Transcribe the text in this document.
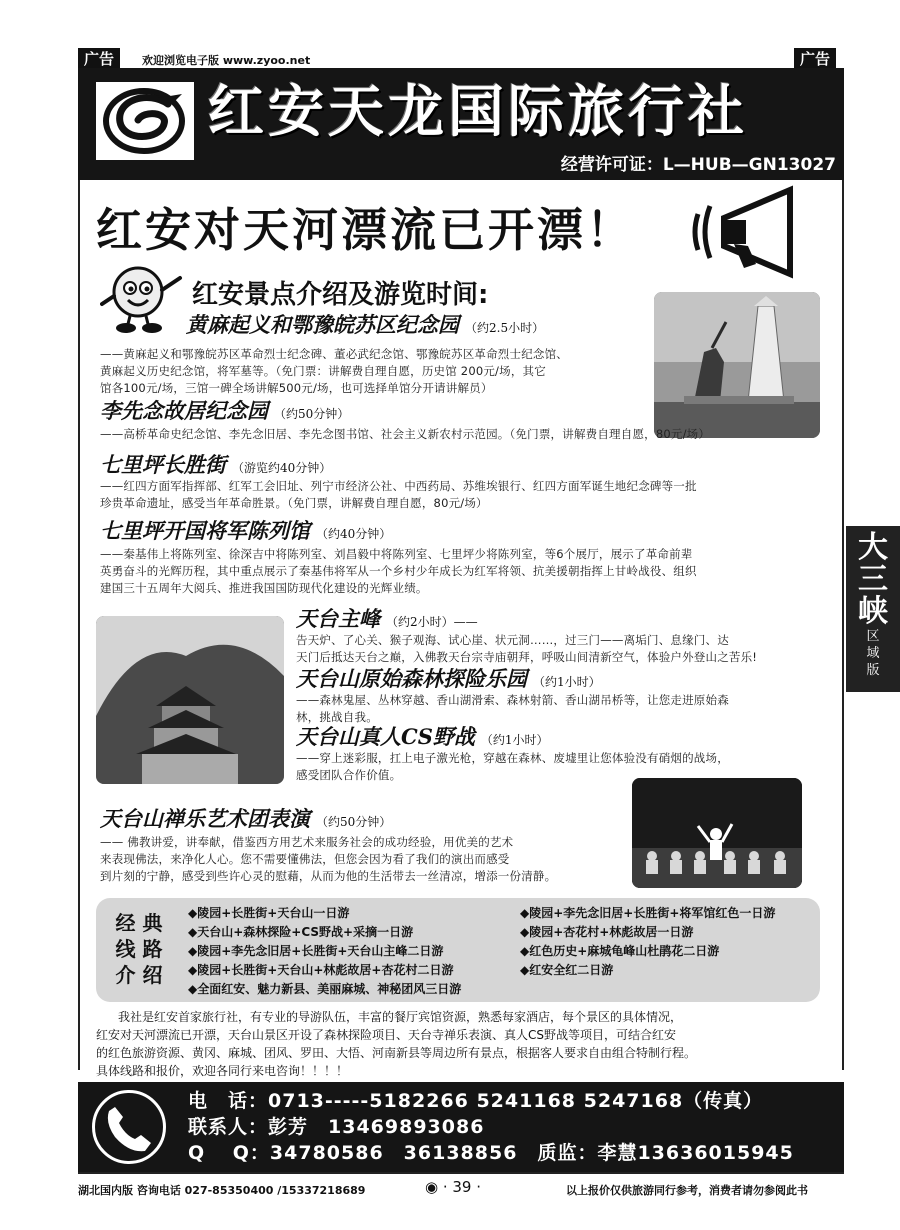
广告	欢迎浏览电子版 www.zyoo.net	广告
红安天龙国际旅行社
经营许可证：L—HUB—GN13027
红安对天河漂流已开漂！
红安景点介绍及游览时间:
黄麻起义和鄂豫皖苏区纪念园 （约2.5小时）
——黄麻起义和鄂豫皖苏区革命烈士纪念碑、董必武纪念馆、鄂豫皖苏区革命烈士纪念馆、
黄麻起义历史纪念馆，将军墓等。（免门票：讲解费自理自愿，历史馆 200元/场，其它
馆各100元/场，三馆一碑全场讲解500元/场，也可选择单馆分开请讲解员）
李先念故居纪念园 （约50分钟）
——高桥革命史纪念馆、李先念旧居、李先念图书馆、社会主义新农村示范园。（免门票，讲解费自理自愿，80元/场）
七里坪长胜街 （游览约40分钟）
——红四方面军指挥部、红军工会旧址、列宁市经济公社、中西药局、苏维埃银行、红四方面军诞生地纪念碑等一批
珍贵革命遗址，感受当年革命胜景。（免门票，讲解费自理自愿，80元/场）
七里坪开国将军陈列馆 （约40分钟）
——秦基伟上将陈列室、徐深吉中将陈列室、刘昌毅中将陈列室、七里坪少将陈列室，等6个展厅，展示了革命前辈
英勇奋斗的光辉历程，其中重点展示了秦基伟将军从一个乡村少年成长为红军将领、抗美援朝指挥上甘岭战役、组织
建国三十五周年大阅兵、推进我国国防现代化建设的光辉业绩。
大
三
峡
区
域
版
天台主峰 （约2小时）——
告天炉、了心关、猴子观海、试心崖、状元洞……，过三门——离垢门、息缘门、达
天门后抵达天台之巅，入佛教天台宗寺庙朝拜，呼吸山间清新空气，体验户外登山之苦乐!
天台山原始森林探险乐园 （约1小时）
——森林鬼屋、丛林穿越、香山湖滑索、森林射箭、香山湖吊桥等，让您走进原始森
林，挑战自我。
天台山真人CS野战 （约1小时）
——穿上迷彩服，扛上电子激光枪，穿越在森林、废墟里让您体验没有硝烟的战场，
感受团队合作价值。
天台山禅乐艺术团表演 （约50分钟）
—— 佛教讲爱，讲奉献，借鉴西方用艺术来服务社会的成功经验，用优美的艺术
来表现佛法，来净化人心。您不需要懂佛法，但您会因为看了我们的演出而感受
到片刻的宁静，感受到些许心灵的慰藉，从而为他的生活带去一丝清凉，增添一份清静。
经 典
线 路
介 绍
◆陵园+长胜街+天台山一日游
◆天台山+森林探险+CS野战+采摘一日游
◆陵园+李先念旧居+长胜街+天台山主峰二日游
◆陵园+长胜街+天台山+林彪故居+杏花村二日游
◆全面红安、魅力新县、美丽麻城、神秘团风三日游
◆陵园+李先念旧居+长胜街+将军馆红色一日游
◆陵园+杏花村+林彪故居一日游
◆红色历史+麻城龟峰山杜鹃花二日游
◆红安全红二日游
我社是红安首家旅行社，有专业的导游队伍，丰富的餐厅宾馆资源，熟悉每家酒店，每个景区的具体情况，
红安对天河漂流已开漂，天台山景区开设了森林探险项目、天台寺禅乐表演、真人CS野战等项目，可结合红安
的红色旅游资源、黄冈、麻城、团风、罗田、大悟、河南新县等周边所有景点，根据客人要求自由组合特制行程。
具体线路和报价，欢迎各同行来电咨询！！！！
电　话：0713-----5182266 5241168 5247168（传真）
联系人：彭芳　13469893086
Q　 Q：34780586　36138856　质监：李慧13636015945
湖北国内版 咨询电话 027-85350400 /15337218689	◉ · 39 ·	以上报价仅供旅游同行参考，消费者请勿参阅此书
